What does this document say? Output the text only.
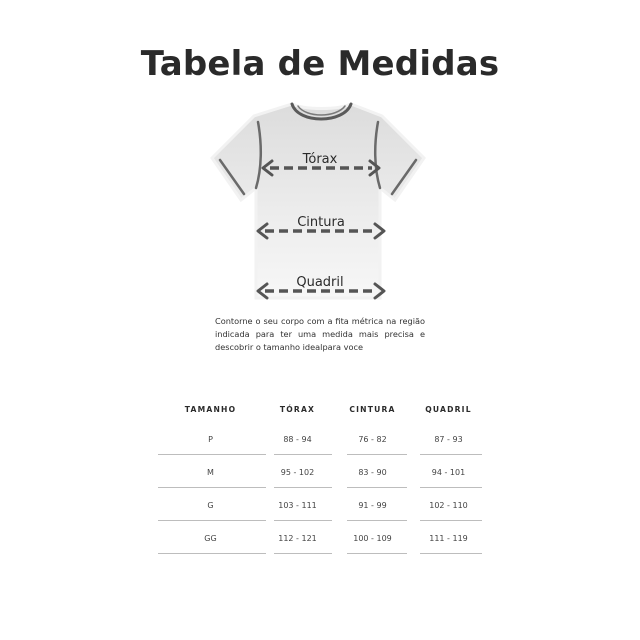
Tabela de Medidas
Tórax
Cintura
Quadril
Contorne o seu corpo com a fita métrica na região indicada para ter uma medida mais precisa e descobrir o tamanho idealpara voce
TAMANHO	TÓRAX	CINTURA	QUADRIL
P	88 - 94	76 - 82	87 - 93
M	95 - 102	83 - 90	94 - 101
G	103 - 111	91 - 99	102 - 110
GG	112 - 121	100 - 109	111 - 119
